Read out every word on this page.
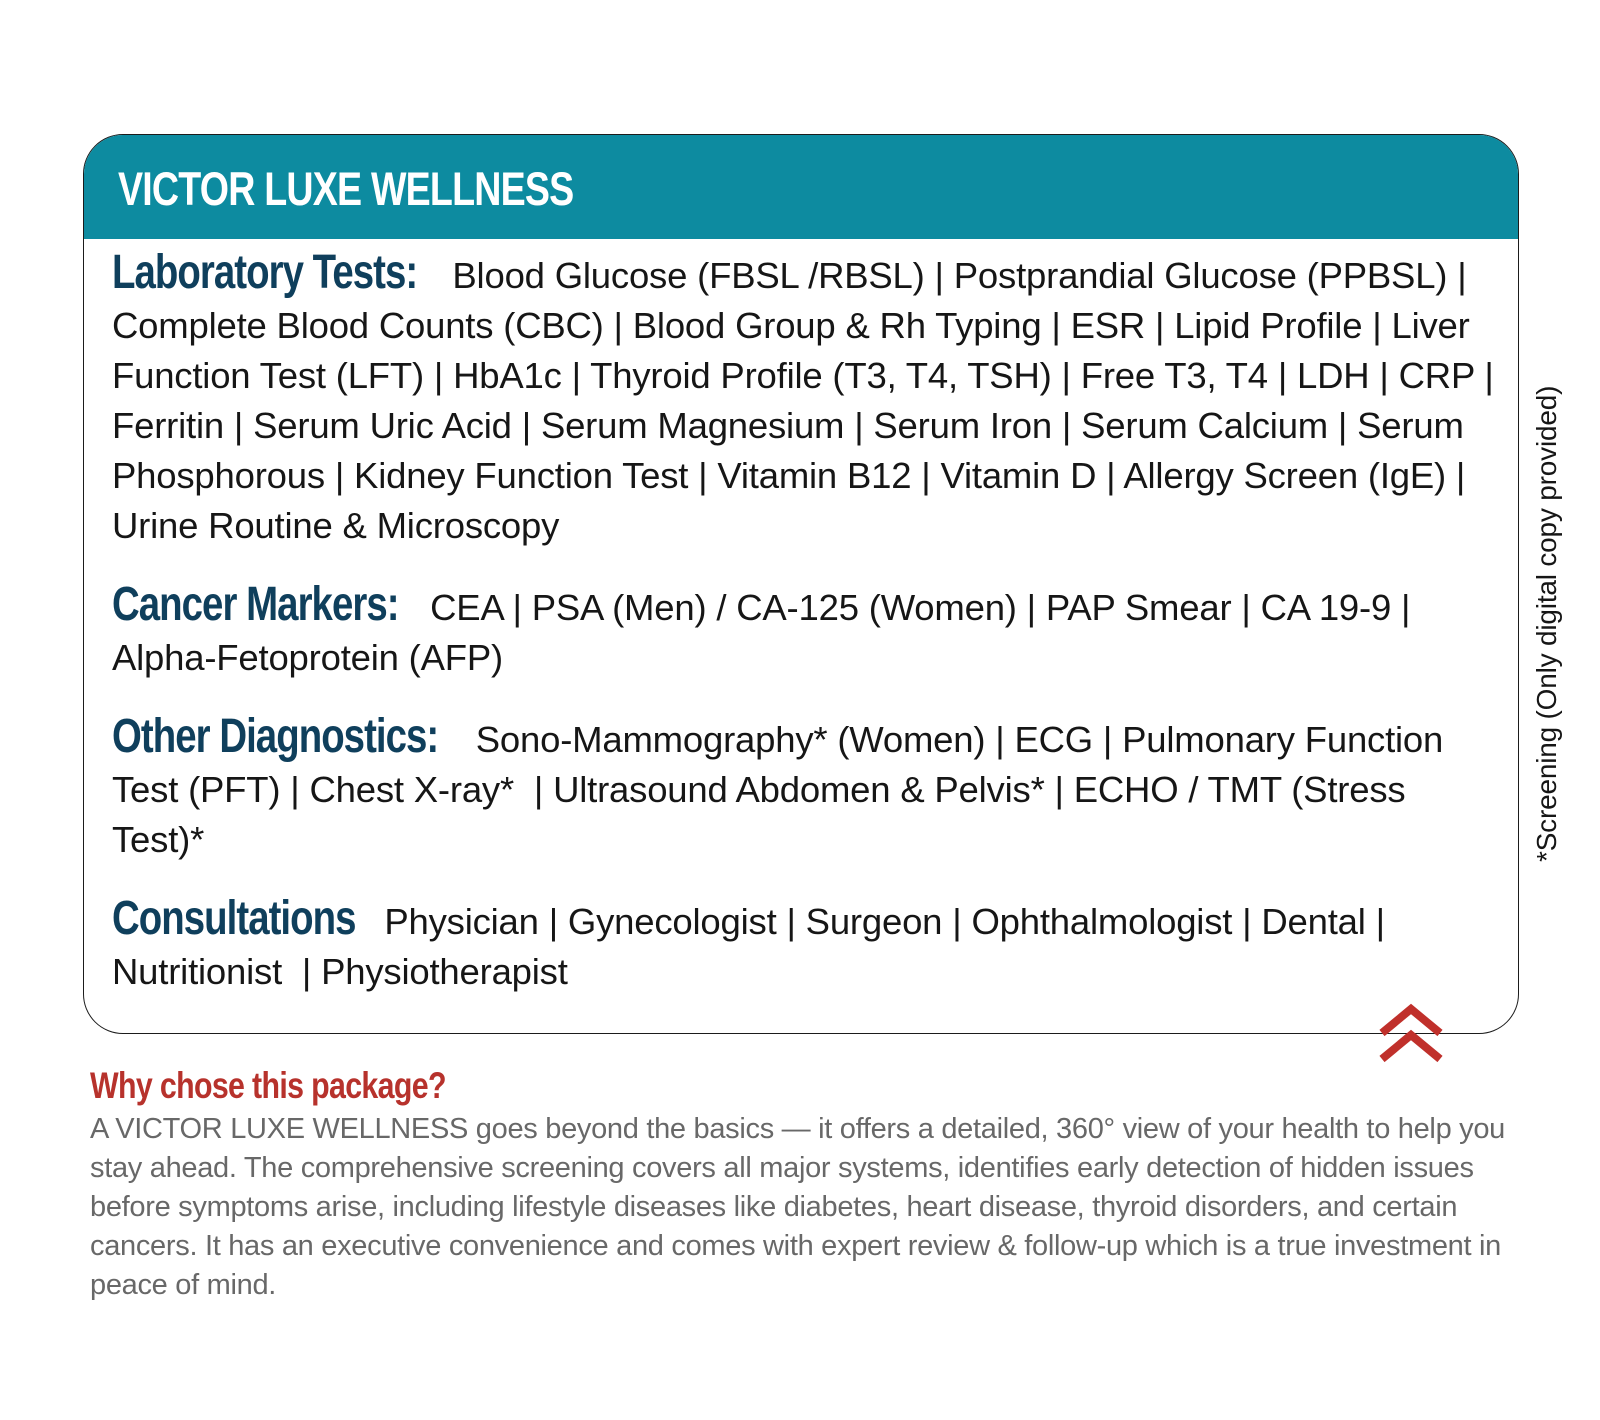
VICTOR LUXE WELLNESS

Laboratory Tests: Blood Glucose (FBSL /RBSL) | Postprandial Glucose (PPBSL) | Complete Blood Counts (CBC) | Blood Group & Rh Typing | ESR | Lipid Profile | Liver Function Test (LFT) | HbA1c | Thyroid Profile (T3, T4, TSH) | Free T3, T4 | LDH | CRP | Ferritin | Serum Uric Acid | Serum Magnesium | Serum Iron | Serum Calcium | Serum Phosphorous | Kidney Function Test | Vitamin B12 | Vitamin D | Allergy Screen (IgE) | Urine Routine & Microscopy

Cancer Markers: CEA | PSA (Men) / CA-125 (Women) | PAP Smear | CA 19-9 | Alpha-Fetoprotein (AFP)

Other Diagnostics: Sono-Mammography* (Women) | ECG | Pulmonary Function Test (PFT) | Chest X-ray*  | Ultrasound Abdomen & Pelvis* | ECHO / TMT (Stress Test)*

Consultations Physician | Gynecologist | Surgeon | Ophthalmologist | Dental | Nutritionist  | Physiotherapist

*Screening (Only digital copy provided)
Why chose this package?

A VICTOR LUXE WELLNESS goes beyond the basics — it offers a detailed, 360° view of your health to help you stay ahead. The comprehensive screening covers all major systems, identifies early detection of hidden issues before symptoms arise, including lifestyle diseases like diabetes, heart disease, thyroid disorders, and certain cancers. It has an executive convenience and comes with expert review & follow-up which is a true investment in peace of mind.
